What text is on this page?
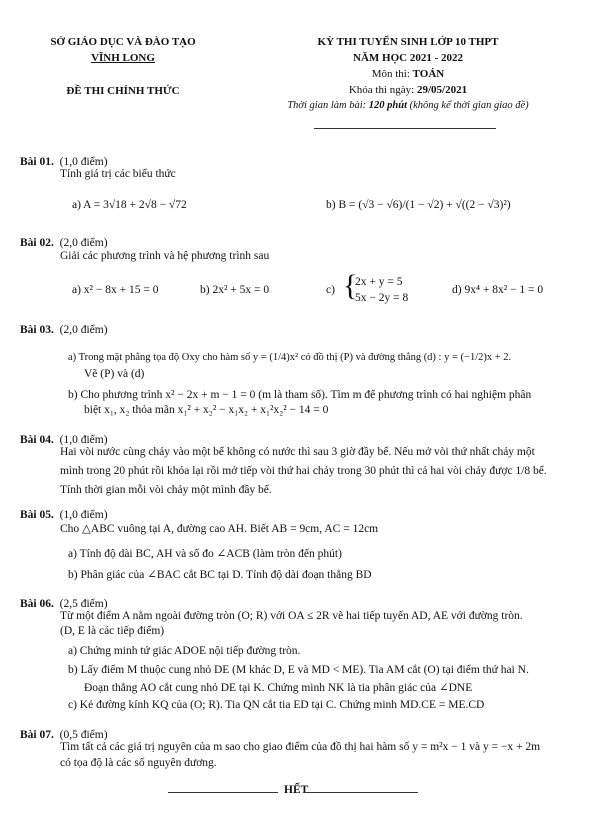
SỞ GIÁO DỤC VÀ ĐÀO TẠO
VĨNH LONG
ĐỀ THI CHÍNH THỨC
KỲ THI TUYỂN SINH LỚP 10 THPT
NĂM HỌC 2021 - 2022
Môn thi: TOÁN
Khóa thi ngày: 29/05/2021
Thời gian làm bài: 120 phút (không kể thời gian giao đề)
Bài 01. (1,0 điểm)
Tính giá trị các biểu thức
a) A = 3√18 + 2√8 − √72	b) B = (√3 − √6)/(1 − √2) + √((2 − √3)²)
Bài 02. (2,0 điểm)
Giải các phương trình và hệ phương trình sau
a) x² − 8x + 15 = 0	b) 2x² + 5x = 0	c) {
2x + y = 5
5x − 2y = 8
d) 9x⁴ + 8x² − 1 = 0
Bài 03. (2,0 điểm)
a) Trong mặt phẳng tọa độ Oxy cho hàm số y = (1/4)x² có đồ thị (P) và đường thẳng (d) : y = (−1/2)x + 2.
Vẽ (P) và (d)
b) Cho phương trình x² − 2x + m − 1 = 0 (m là tham số). Tìm m để phương trình có hai nghiệm phân
biệt x₁, x₂ thỏa mãn x₁² + x₂² − x₁x₂ + x₁²x₂² − 14 = 0
Bài 04. (1,0 điểm)
Hai vòi nước cùng chảy vào một bể không có nước thì sau 3 giờ đầy bể. Nếu mở vòi thứ nhất chảy một
mình trong 20 phút rồi khóa lại rồi mở tiếp vòi thứ hai chảy trong 30 phút thì cả hai vòi chảy được 1/8 bể.
Tính thời gian mỗi vòi chảy một mình đầy bể.
Bài 05. (1,0 điểm)
Cho △ABC vuông tại A, đường cao AH. Biết AB = 9cm, AC = 12cm
a) Tính độ dài BC, AH và số đo ∠ACB (làm tròn đến phút)
b) Phân giác của ∠BAC cắt BC tại D. Tính độ dài đoạn thẳng BD
Bài 06. (2,5 điểm)
Từ một điểm A nằm ngoài đường tròn (O; R) với OA ≤ 2R vẽ hai tiếp tuyến AD, AE với đường tròn.
(D, E là các tiếp điểm)
a) Chứng minh tứ giác ADOE nội tiếp đường tròn.
b) Lấy điểm M thuộc cung nhỏ DE (M khác D, E và MD < ME). Tia AM cắt (O) tại điểm thứ hai N.
Đoạn thẳng AO cắt cung nhỏ DE tại K. Chứng minh NK là tia phân giác của ∠DNE
c) Kẻ đường kính KQ của (O; R). Tia QN cắt tia ED tại C. Chứng minh MD.CE = ME.CD
Bài 07. (0,5 điểm)
Tìm tất cả các giá trị nguyên của m sao cho giao điểm của đồ thị hai hàm số y = m²x − 1 và y = −x + 2m
có tọa độ là các số nguyên dương.
HẾT
